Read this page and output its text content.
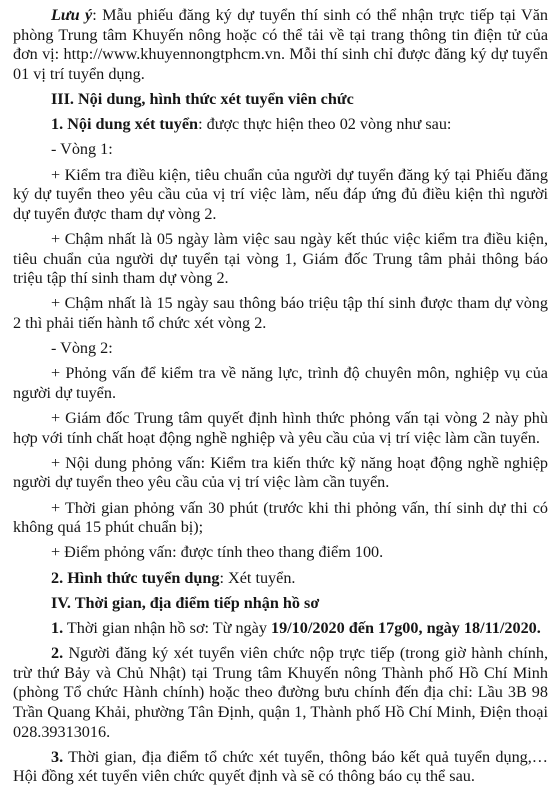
Lưu ý: Mẫu phiếu đăng ký dự tuyển thí sinh có thể nhận trực tiếp tại Văn phòng Trung tâm Khuyến nông hoặc có thể tải về tại trang thông tin điện tử của đơn vị: http://www.khuyennongtphcm.vn. Mỗi thí sinh chỉ được đăng ký dự tuyển 01 vị trí tuyển dụng.

III. Nội dung, hình thức xét tuyển viên chức

1. Nội dung xét tuyển: được thực hiện theo 02 vòng như sau:

- Vòng 1:

+ Kiểm tra điều kiện, tiêu chuẩn của người dự tuyển đăng ký tại Phiếu đăng ký dự tuyển theo yêu cầu của vị trí việc làm, nếu đáp ứng đủ điều kiện thì người dự tuyển được tham dự vòng 2.

+ Chậm nhất là 05 ngày làm việc sau ngày kết thúc việc kiểm tra điều kiện, tiêu chuẩn của người dự tuyển tại vòng 1, Giám đốc Trung tâm phải thông báo triệu tập thí sinh tham dự vòng 2.

+ Chậm nhất là 15 ngày sau thông báo triệu tập thí sinh được tham dự vòng 2 thì phải tiến hành tổ chức xét vòng 2.

- Vòng 2:

+ Phỏng vấn để kiểm tra về năng lực, trình độ chuyên môn, nghiệp vụ của người dự tuyển.

+ Giám đốc Trung tâm quyết định hình thức phỏng vấn tại vòng 2 này phù hợp với tính chất hoạt động nghề nghiệp và yêu cầu của vị trí việc làm cần tuyển.

+ Nội dung phỏng vấn: Kiểm tra kiến thức kỹ năng hoạt động nghề nghiệp người dự tuyển theo yêu cầu của vị trí việc làm cần tuyển.

+ Thời gian phỏng vấn 30 phút (trước khi thi phỏng vấn, thí sinh dự thi có không quá 15 phút chuẩn bị);

+ Điểm phỏng vấn: được tính theo thang điểm 100.

2. Hình thức tuyển dụng: Xét tuyển.

IV. Thời gian, địa điểm tiếp nhận hồ sơ

1. Thời gian nhận hồ sơ: Từ ngày 19/10/2020 đến 17g00, ngày 18/11/2020.

2. Người đăng ký xét tuyển viên chức nộp trực tiếp (trong giờ hành chính, trừ thứ Bảy và Chủ Nhật) tại Trung tâm Khuyến nông Thành phố Hồ Chí Minh (phòng Tổ chức Hành chính) hoặc theo đường bưu chính đến địa chỉ: Lầu 3B 98 Trần Quang Khải, phường Tân Định, quận 1, Thành phố Hồ Chí Minh, Điện thoại 028.39313016.

3. Thời gian, địa điểm tổ chức xét tuyển, thông báo kết quả tuyển dụng,… Hội đồng xét tuyển viên chức quyết định và sẽ có thông báo cụ thể sau.
